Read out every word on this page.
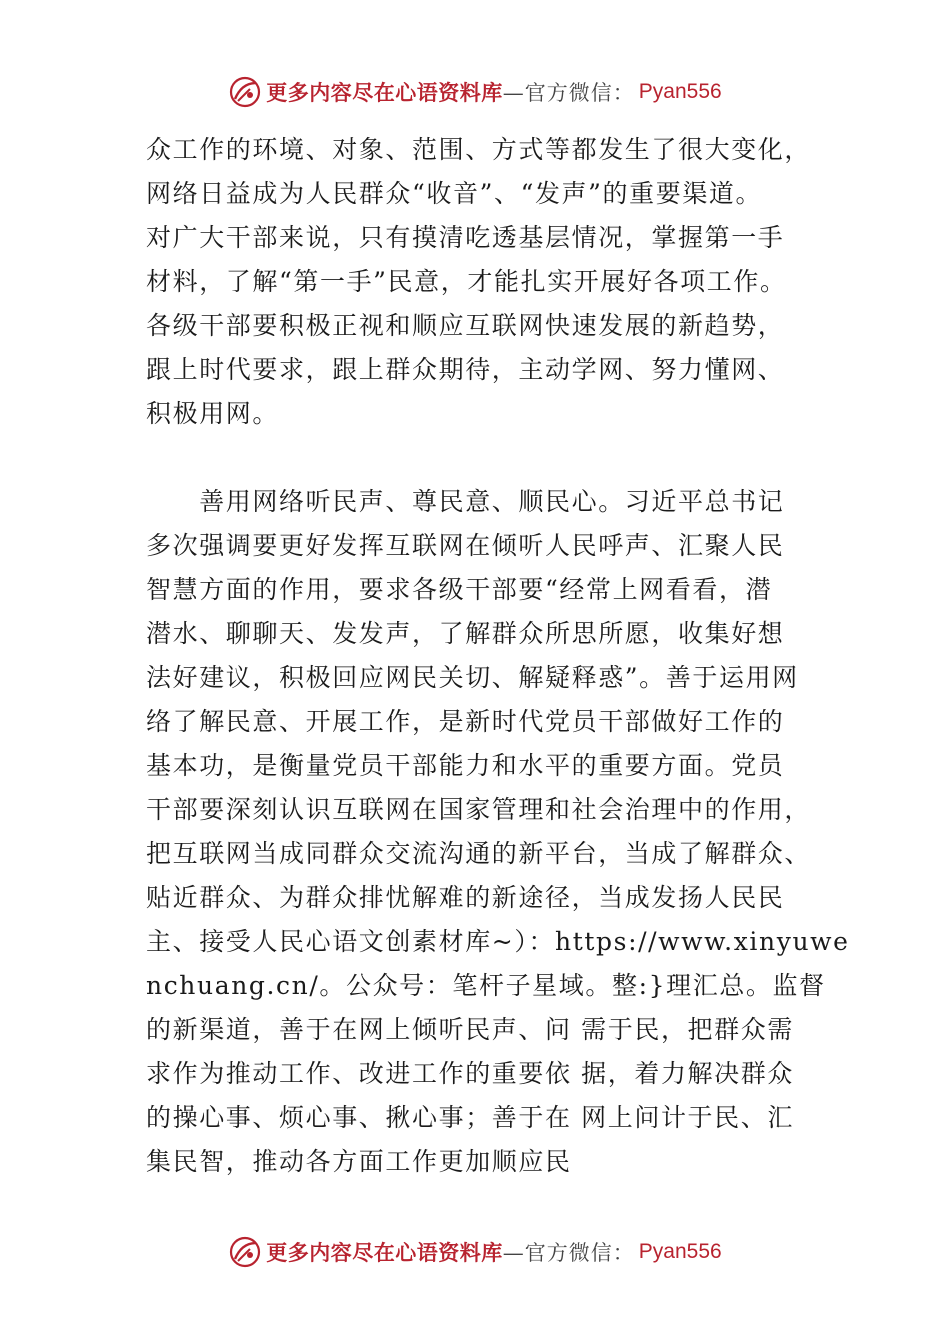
更多内容尽在心语资料库 —官方微信： Pyan556
众工作的环境、对象、范围、方式等都发生了很大变化，
网络日益成为人民群众“收音”、“发声”的重要渠道。
对广大干部来说，只有摸清吃透基层情况，掌握第一手
材料，了解“第一手”民意，才能扎实开展好各项工作。
各级干部要积极正视和顺应互联网快速发展的新趋势，
跟上时代要求，跟上群众期待，主动学网、努力懂网、
积极用网。
　　善用网络听民声、尊民意、顺民心。习近平总书记
多次强调要更好发挥互联网在倾听人民呼声、汇聚人民
智慧方面的作用，要求各级干部要“经常上网看看，潜
潜水、聊聊天、发发声，了解群众所思所愿，收集好想
法好建议，积极回应网民关切、解疑释惑”。善于运用网
络了解民意、开展工作，是新时代党员干部做好工作的
基本功，是衡量党员干部能力和水平的重要方面。党员
干部要深刻认识互联网在国家管理和社会治理中的作用，
把互联网当成同群众交流沟通的新平台，当成了解群众、
贴近群众、为群众排忧解难的新途径，当成发扬人民民
主、接受人民心语文创素材库~）：https://www.xinyuwe
nchuang.cn/。公众号：笔杆子星域。整:}理汇总。监督
的新渠道，善于在网上倾听民声、问 需于民，把群众需
求作为推动工作、改进工作的重要依 据，着力解决群众
的操心事、烦心事、揪心事；善于在 网上问计于民、汇
集民智，推动各方面工作更加顺应民
更多内容尽在心语资料库 —官方微信： Pyan556
